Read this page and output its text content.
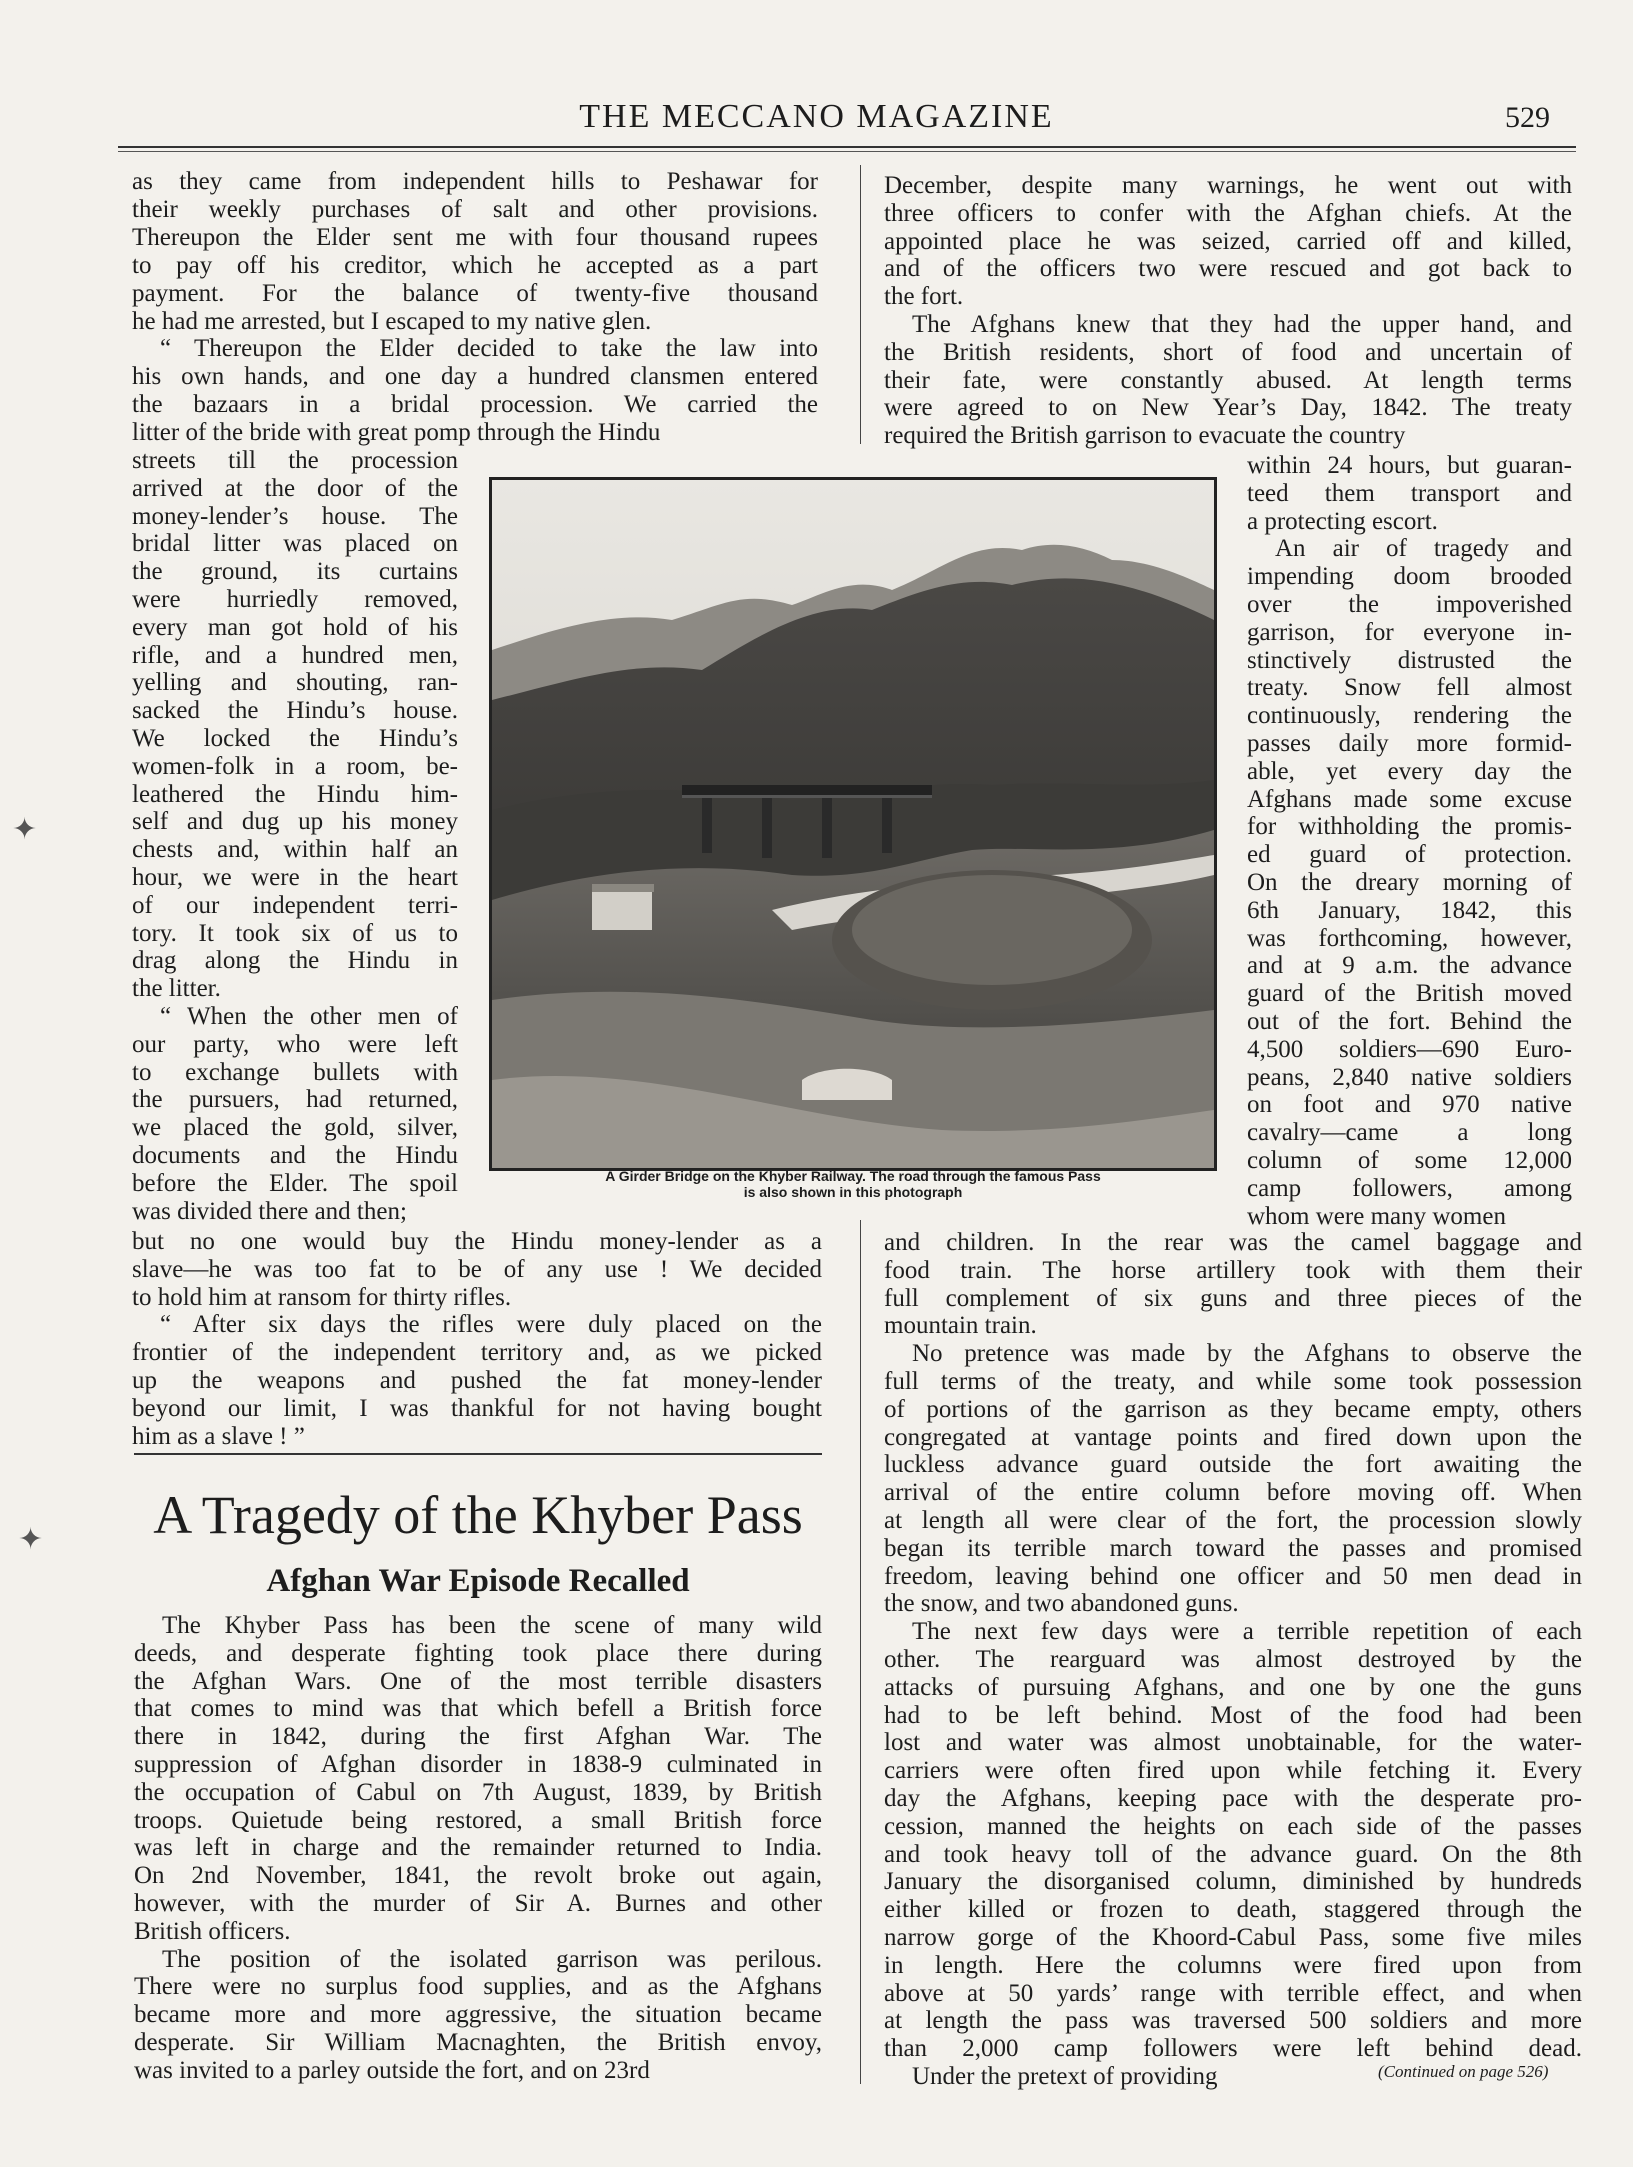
THE MECCANO MAGAZINE	529
as they came from independent hills to Peshawar for
their weekly purchases of salt and other provisions.
Thereupon the Elder sent me with four thousand rupees
to pay off his creditor, which he accepted as a part
payment. For the balance of twenty-five thousand
he had me arrested, but I escaped to my native glen.
“ Thereupon the Elder decided to take the law into
his own hands, and one day a hundred clansmen entered
the bazaars in a bridal procession. We carried the
litter of the bride with great pomp through the Hindu
streets till the procession
arrived at the door of the
money-lender’s house. The
bridal litter was placed on
the ground, its curtains
were hurriedly removed,
every man got hold of his
rifle, and a hundred men,
yelling and shouting, ran-
sacked the Hindu’s house.
We locked the Hindu’s
women-folk in a room, be-
leathered the Hindu him-
self and dug up his money
chests and, within half an
hour, we were in the heart
of our independent terri-
tory. It took six of us to
drag along the Hindu in
the litter.
“ When the other men of
our party, who were left
to exchange bullets with
the pursuers, had returned,
we placed the gold, silver,
documents and the Hindu
before the Elder. The spoil
was divided there and then;
but no one would buy the Hindu money-lender as a
slave—he was too fat to be of any use ! We decided
to hold him at ransom for thirty rifles.
“ After six days the rifles were duly placed on the
frontier of the independent territory and, as we picked
up the weapons and pushed the fat money-lender
beyond our limit, I was thankful for not having bought
him as a slave ! ”
The Khyber Pass has been the scene of many wild
deeds, and desperate fighting took place there during
the Afghan Wars. One of the most terrible disasters
that comes to mind was that which befell a British force
there in 1842, during the first Afghan War. The
suppression of Afghan disorder in 1838-9 culminated in
the occupation of Cabul on 7th August, 1839, by British
troops. Quietude being restored, a small British force
was left in charge and the remainder returned to India.
On 2nd November, 1841, the revolt broke out again,
however, with the murder of Sir A. Burnes and other
British officers.
The position of the isolated garrison was perilous.
There were no surplus food supplies, and as the Afghans
became more and more aggressive, the situation became
desperate. Sir William Macnaghten, the British envoy,
was invited to a parley outside the fort, and on 23rd
December, despite many warnings, he went out with
three officers to confer with the Afghan chiefs. At the
appointed place he was seized, carried off and killed,
and of the officers two were rescued and got back to
the fort.
The Afghans knew that they had the upper hand, and
the British residents, short of food and uncertain of
their fate, were constantly abused. At length terms
were agreed to on New Year’s Day, 1842. The treaty
required the British garrison to evacuate the country
within 24 hours, but guaran-
teed them transport and
a protecting escort.
An air of tragedy and
impending doom brooded
over the impoverished
garrison, for everyone in-
stinctively distrusted the
treaty. Snow fell almost
continuously, rendering the
passes daily more formid-
able, yet every day the
Afghans made some excuse
for withholding the promis-
ed guard of protection.
On the dreary morning of
6th January, 1842, this
was forthcoming, however,
and at 9 a.m. the advance
guard of the British moved
out of the fort. Behind the
4,500 soldiers—690 Euro-
peans, 2,840 native soldiers
on foot and 970 native
cavalry—came a long
column of some 12,000
camp followers, among
whom were many women
and children. In the rear was the camel baggage and
food train. The horse artillery took with them their
full complement of six guns and three pieces of the
mountain train.
No pretence was made by the Afghans to observe the
full terms of the treaty, and while some took possession
of portions of the garrison as they became empty, others
congregated at vantage points and fired down upon the
luckless advance guard outside the fort awaiting the
arrival of the entire column before moving off. When
at length all were clear of the fort, the procession slowly
began its terrible march toward the passes and promised
freedom, leaving behind one officer and 50 men dead in
the snow, and two abandoned guns.
The next few days were a terrible repetition of each
other. The rearguard was almost destroyed by the
attacks of pursuing Afghans, and one by one the guns
had to be left behind. Most of the food had been
lost and water was almost unobtainable, for the water-
carriers were often fired upon while fetching it. Every
day the Afghans, keeping pace with the desperate pro-
cession, manned the heights on each side of the passes
and took heavy toll of the advance guard. On the 8th
January the disorganised column, diminished by hundreds
either killed or frozen to death, staggered through the
narrow gorge of the Khoord-Cabul Pass, some five miles
in length. Here the columns were fired upon from
above at 50 yards’ range with terrible effect, and when
at length the pass was traversed 500 soldiers and more
than 2,000 camp followers were left behind dead.
Under the pretext of providing
A Girder Bridge on the Khyber Railway. The road through the famous Pass
is also shown in this photograph
A Tragedy of the Khyber Pass
Afghan War Episode Recalled
(Continued on page 526)
✦
✦
